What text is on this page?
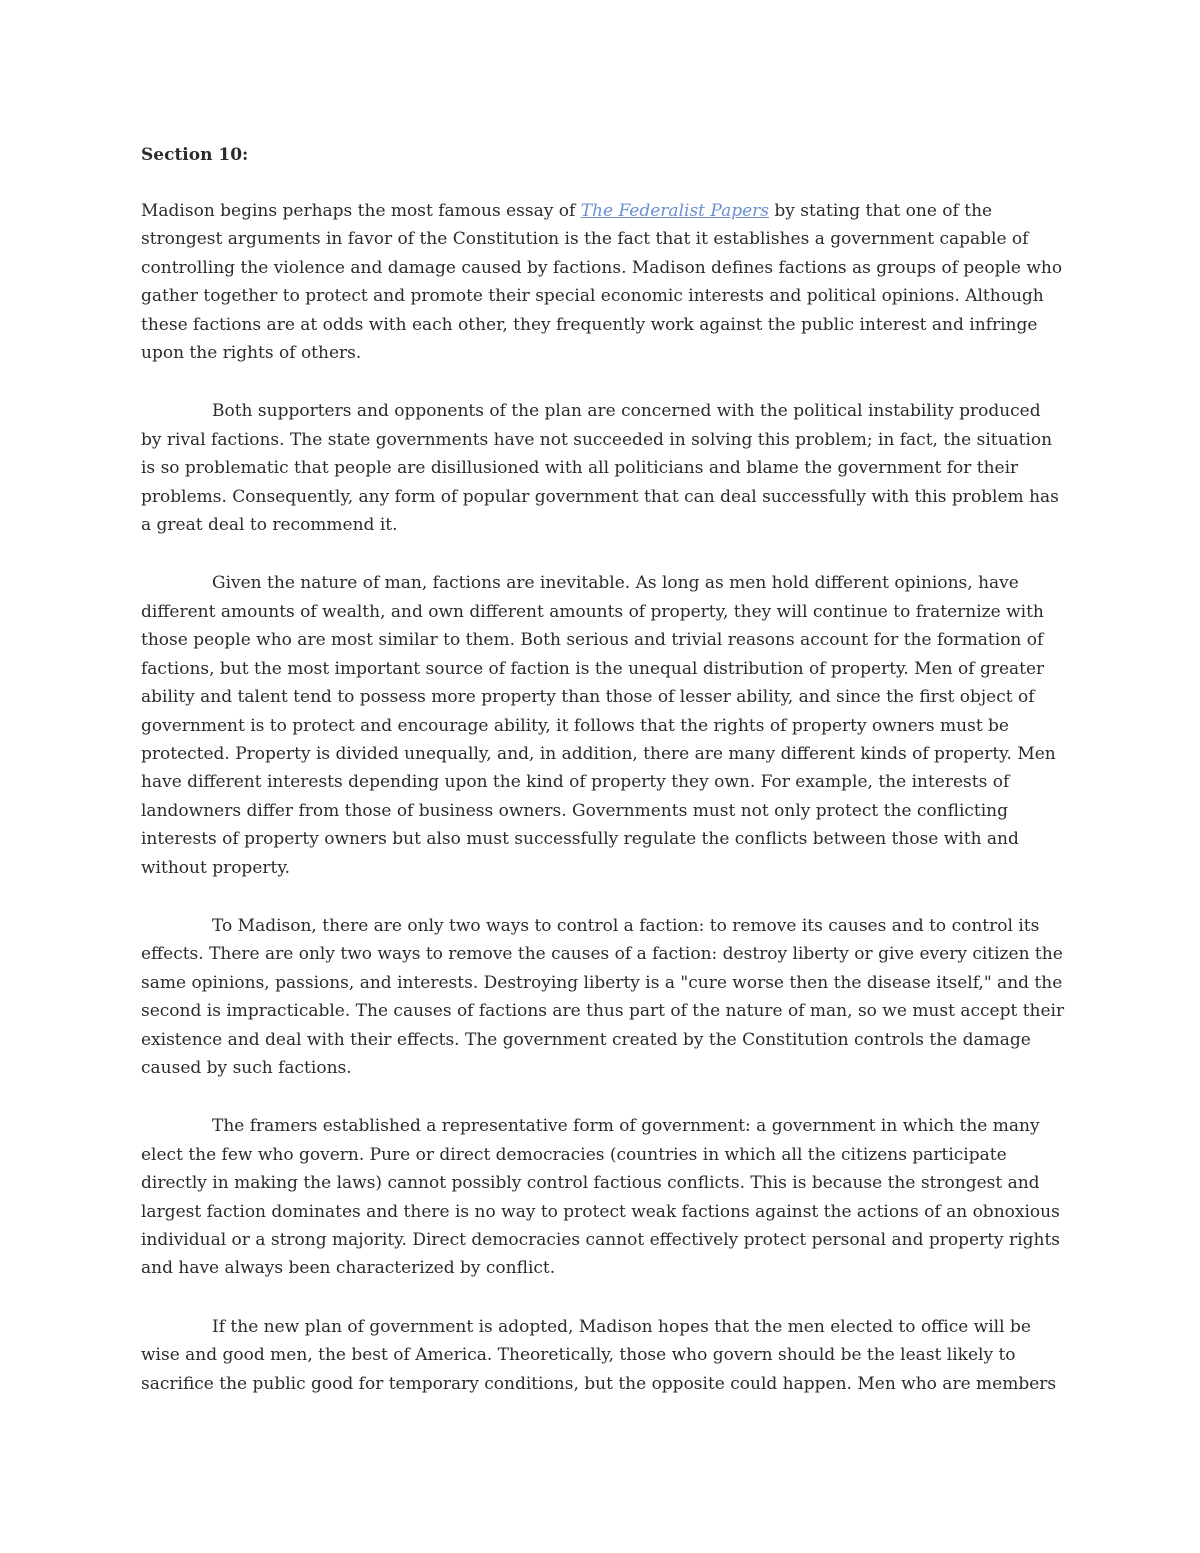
Section 10:

Madison begins perhaps the most famous essay of The Federalist Papers by stating that one of the strongest arguments in favor of the Constitution is the fact that it establishes a government capable of controlling the violence and damage caused by factions. Madison defines factions as groups of people who gather together to protect and promote their special economic interests and political opinions. Although these factions are at odds with each other, they frequently work against the public interest and infringe upon the rights of others.

Both supporters and opponents of the plan are concerned with the political instability produced by rival factions. The state governments have not succeeded in solving this problem; in fact, the situation is so problematic that people are disillusioned with all politicians and blame the government for their problems. Consequently, any form of popular government that can deal successfully with this problem has a great deal to recommend it.

Given the nature of man, factions are inevitable. As long as men hold different opinions, have different amounts of wealth, and own different amounts of property, they will continue to fraternize with those people who are most similar to them. Both serious and trivial reasons account for the formation of factions, but the most important source of faction is the unequal distribution of property. Men of greater ability and talent tend to possess more property than those of lesser ability, and since the first object of government is to protect and encourage ability, it follows that the rights of property owners must be protected. Property is divided unequally, and, in addition, there are many different kinds of property. Men have different interests depending upon the kind of property they own. For example, the interests of landowners differ from those of business owners. Governments must not only protect the conflicting interests of property owners but also must successfully regulate the conflicts between those with and without property.

To Madison, there are only two ways to control a faction: to remove its causes and to control its effects. There are only two ways to remove the causes of a faction: destroy liberty or give every citizen the same opinions, passions, and interests. Destroying liberty is a "cure worse then the disease itself," and the second is impracticable. The causes of factions are thus part of the nature of man, so we must accept their existence and deal with their effects. The government created by the Constitution controls the damage caused by such factions.

The framers established a representative form of government: a government in which the many elect the few who govern. Pure or direct democracies (countries in which all the citizens participate directly in making the laws) cannot possibly control factious conflicts. This is because the strongest and largest faction dominates and there is no way to protect weak factions against the actions of an obnoxious individual or a strong majority. Direct democracies cannot effectively protect personal and property rights and have always been characterized by conflict.

If the new plan of government is adopted, Madison hopes that the men elected to office will be wise and good men, the best of America. Theoretically, those who govern should be the least likely to sacrifice the public good for temporary conditions, but the opposite could happen. Men who are members
